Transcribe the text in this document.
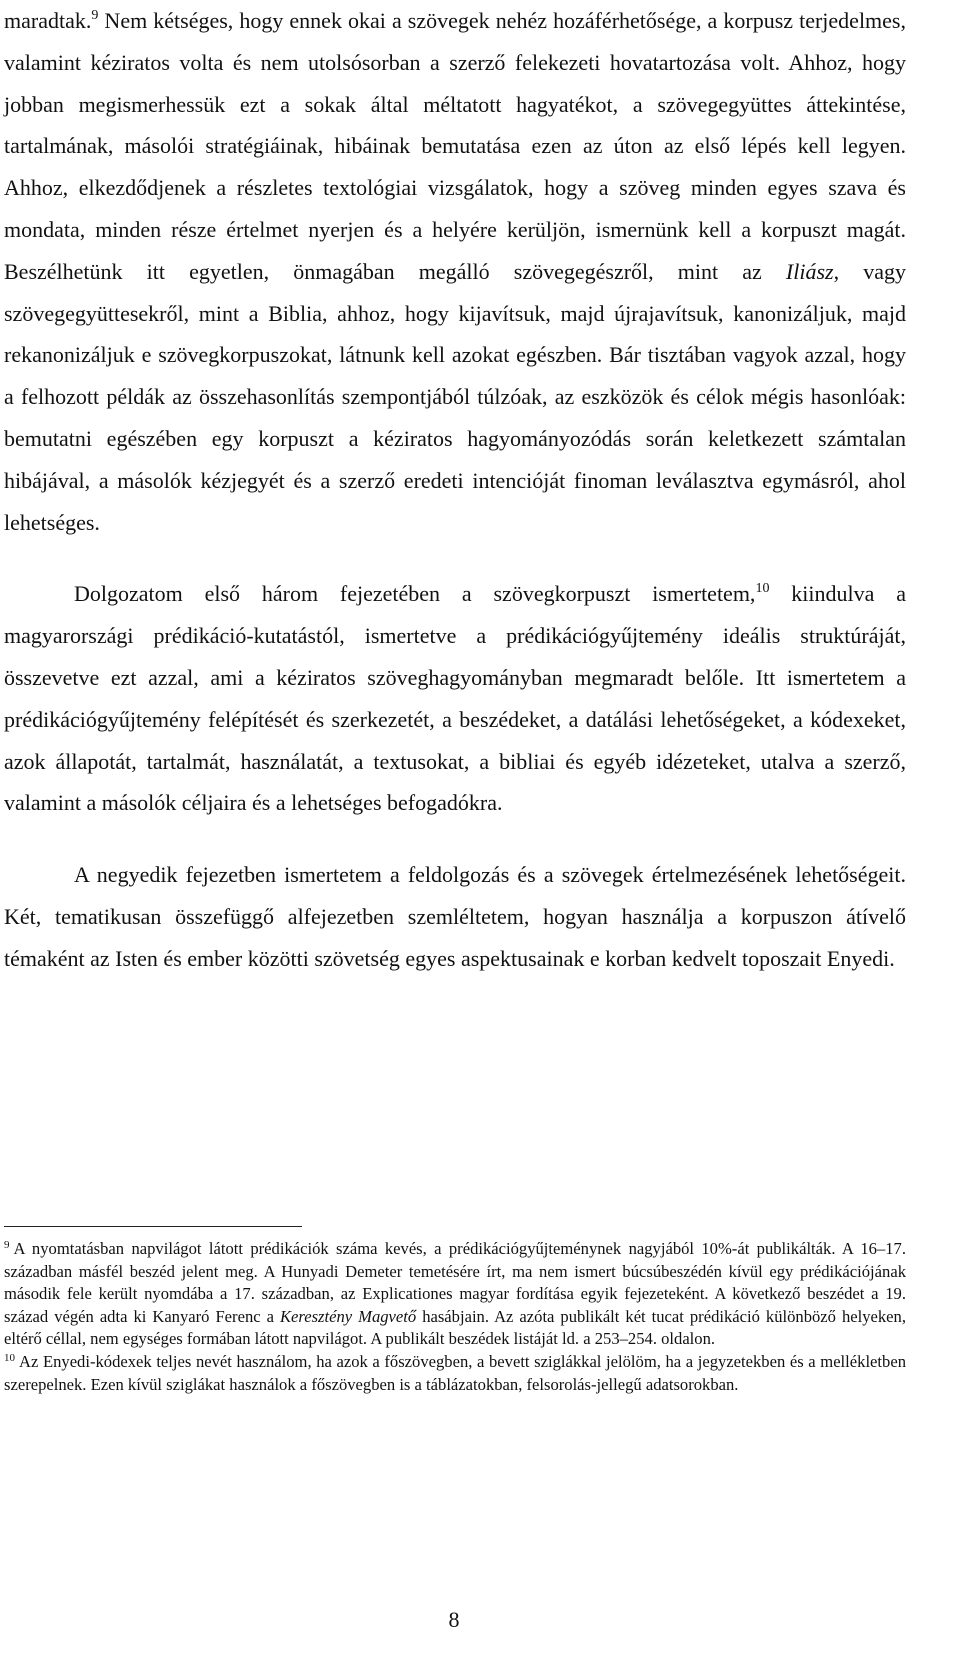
maradtak.$^9$ Nem kétséges, hogy ennek okai a szövegek nehéz hozáférhetősége, a korpusz terjedelmes, valamint kéziratos volta és nem utolsósorban a szerző felekezeti hovatartozása volt. Ahhoz, hogy jobban megismerhessük ezt a sokak által méltatott hagyatékot, a szövegegyüttes áttekintése, tartalmának, másolói stratégiáinak, hibáinak bemutatása ezen az úton az első lépés kell legyen. Ahhoz, elkezdődjenek a részletes textológiai vizsgálatok, hogy a szöveg minden egyes szava és mondata, minden része értelmet nyerjen és a helyére kerüljön, ismernünk kell a korpuszt magát. Beszélhetünk itt egyetlen, önmagában megálló szövegegészről, mint az Iliász, vagy szövegegyüttesekről, mint a Biblia, ahhoz, hogy kijavítsuk, majd újrajavítsuk, kanonizáljuk, majd rekanonizáljuk e szövegkorpuszokat, látnunk kell azokat egészben. Bár tisztában vagyok azzal, hogy a felhozott példák az összehasonlítás szempontjából túlzóak, az eszközök és célok mégis hasonlóak: bemutatni egészében egy korpuszt a kéziratos hagyományozódás során keletkezett számtalan hibájával, a másolók kézjegyét és a szerző eredeti intencióját finoman leválasztva egymásról, ahol lehetséges.

Dolgozatom első három fejezetében a szövegkorpuszt ismertetem,$^{10}$ kiindulva a magyarországi prédikáció-kutatástól, ismertetve a prédikációgyűjtemény ideális struktúráját, összevetve ezt azzal, ami a kéziratos szöveghagyományban megmaradt belőle. Itt ismertetem a prédikációgyűjtemény felépítését és szerkezetét, a beszédeket, a datálási lehetőségeket, a kódexeket, azok állapotát, tartalmát, használatát, a textusokat, a bibliai és egyéb idézeteket, utalva a szerző, valamint a másolók céljaira és a lehetséges befogadókra.

A negyedik fejezetben ismertetem a feldolgozás és a szövegek értelmezésének lehetőségeit. Két, tematikusan összefüggő alfejezetben szemléltetem, hogyan használja a korpuszon átívelő témaként az Isten és ember közötti szövetség egyes aspektusainak e korban kedvelt toposzait Enyedi.

$^9$ A nyomtatásban napvilágot látott prédikációk száma kevés, a prédikációgyűjteménynek nagyjából 10%-át publikálták. A 16–17. században másfél beszéd jelent meg. A Hunyadi Demeter temetésére írt, ma nem ismert búcsúbeszédén kívül egy prédikációjának második fele került nyomdába a 17. században, az Explicationes magyar fordítása egyik fejezeteként. A következő beszédet a 19. század végén adta ki Kanyaró Ferenc a Keresztény Magvető hasábjain. Az azóta publikált két tucat prédikáció különböző helyeken, eltérő céllal, nem egységes formában látott napvilágot. A publikált beszédek listáját ld. a 253–254. oldalon.

$^{10}$ Az Enyedi-kódexek teljes nevét használom, ha azok a főszövegben, a bevett sziglákkal jelölöm, ha a jegyzetekben és a mellékletben szerepelnek. Ezen kívül sziglákat használok a főszövegben is a táblázatokban, felsorolás-jellegű adatsorokban.

8
